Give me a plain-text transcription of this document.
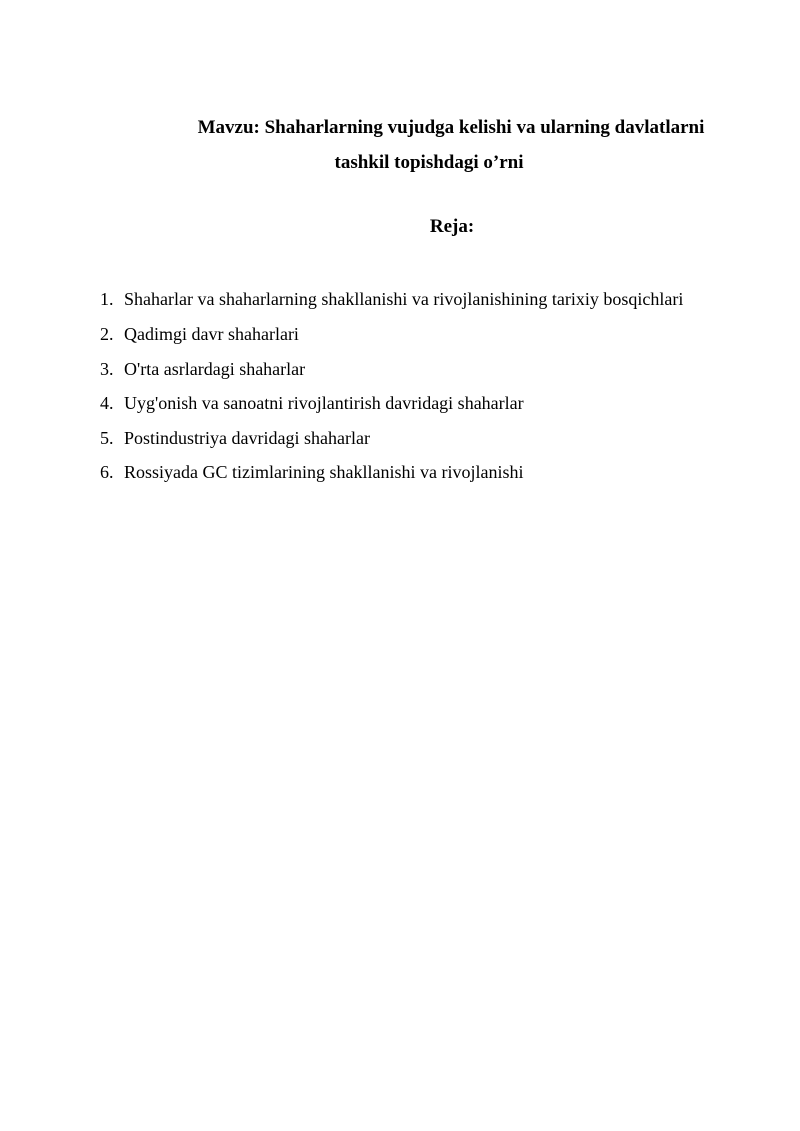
Mavzu: Shaharlarning vujudga kelishi va ularning davlatlarni
tashkil topishdagi o’rni
Reja:
1. Shaharlar va shaharlarning shakllanishi va rivojlanishining tarixiy bosqichlari
2. Qadimgi davr shaharlari
3. O'rta asrlardagi shaharlar
4. Uyg'onish va sanoatni rivojlantirish davridagi shaharlar
5. Postindustriya davridagi shaharlar
6. Rossiyada GC tizimlarining shakllanishi va rivojlanishi
